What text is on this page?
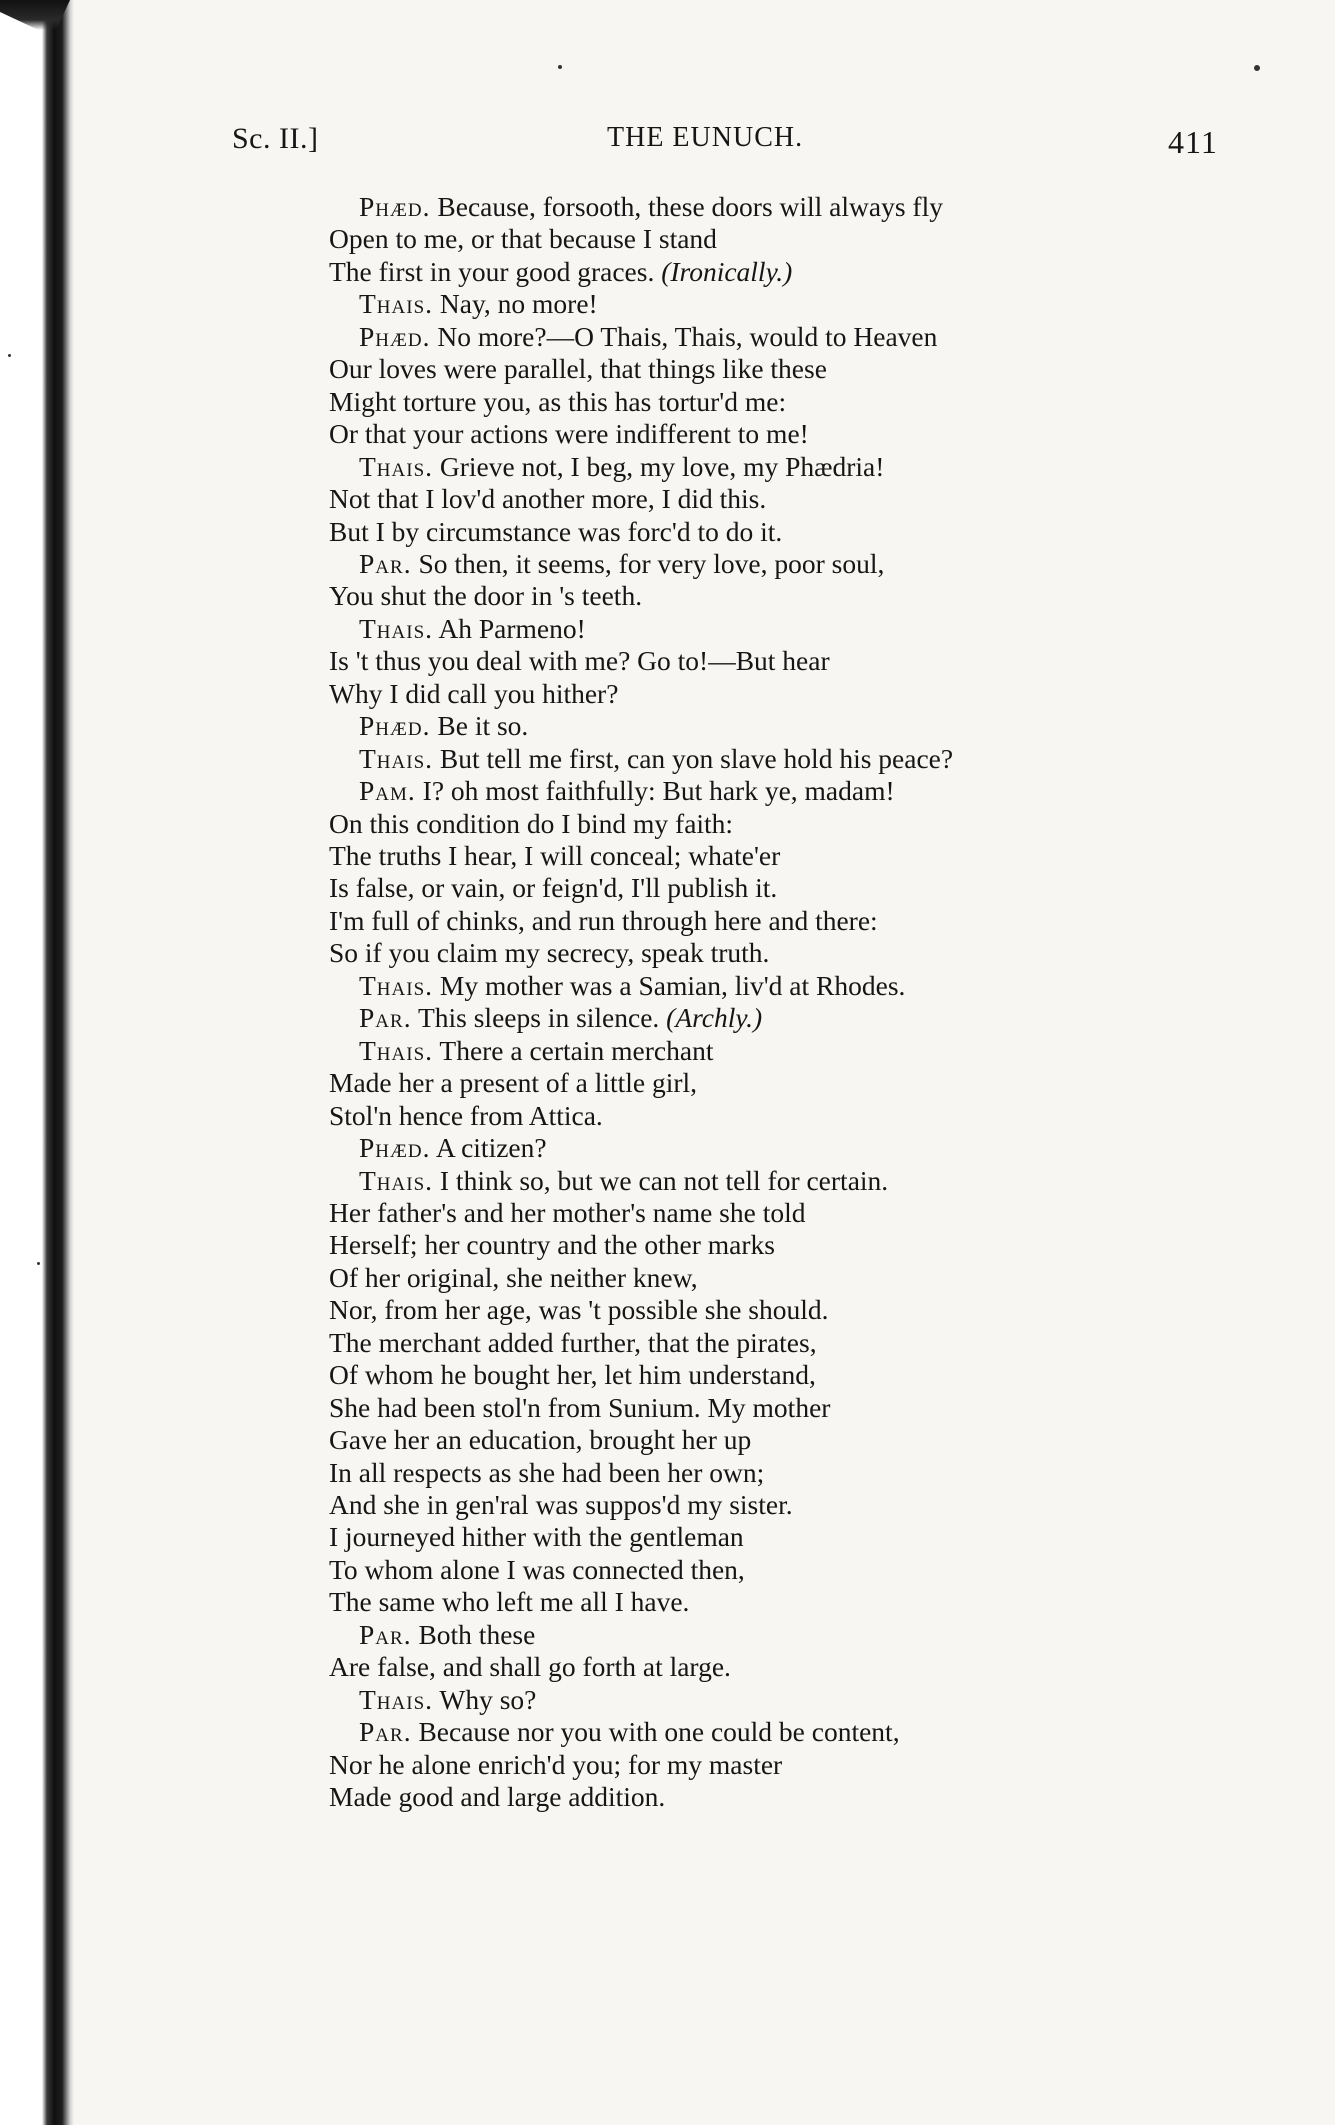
Sc. II.]	THE EUNUCH.	411
Phæd. Because, forsooth, these doors will always fly
Open to me, or that because I stand
The first in your good graces. (Ironically.)
Thais. Nay, no more!
Phæd. No more?—O Thais, Thais, would to Heaven
Our loves were parallel, that things like these
Might torture you, as this has tortur'd me:
Or that your actions were indifferent to me!
Thais. Grieve not, I beg, my love, my Phædria!
Not that I lov'd another more, I did this.
But I by circumstance was forc'd to do it.
Par. So then, it seems, for very love, poor soul,
You shut the door in 's teeth.
Thais. Ah Parmeno!
Is 't thus you deal with me? Go to!—But hear
Why I did call you hither?
Phæd. Be it so.
Thais. But tell me first, can yon slave hold his peace?
Pam. I? oh most faithfully: But hark ye, madam!
On this condition do I bind my faith:
The truths I hear, I will conceal; whate'er
Is false, or vain, or feign'd, I'll publish it.
I'm full of chinks, and run through here and there:
So if you claim my secrecy, speak truth.
Thais. My mother was a Samian, liv'd at Rhodes.
Par. This sleeps in silence. (Archly.)
Thais. There a certain merchant
Made her a present of a little girl,
Stol'n hence from Attica.
Phæd. A citizen?
Thais. I think so, but we can not tell for certain.
Her father's and her mother's name she told
Herself; her country and the other marks
Of her original, she neither knew,
Nor, from her age, was 't possible she should.
The merchant added further, that the pirates,
Of whom he bought her, let him understand,
She had been stol'n from Sunium. My mother
Gave her an education, brought her up
In all respects as she had been her own;
And she in gen'ral was suppos'd my sister.
I journeyed hither with the gentleman
To whom alone I was connected then,
The same who left me all I have.
Par. Both these
Are false, and shall go forth at large.
Thais. Why so?
Par. Because nor you with one could be content,
Nor he alone enrich'd you; for my master
Made good and large addition.
